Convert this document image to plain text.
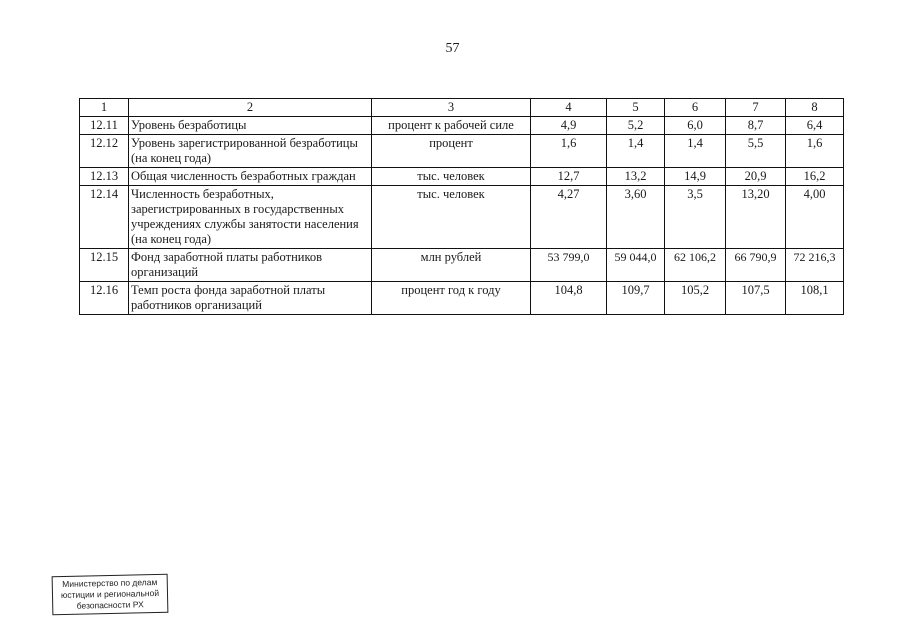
57
1	2	3	4	5	6	7	8
12.11	Уровень безработицы	процент к рабочей силе	4,9	5,2	6,0	8,7	6,4
12.12	Уровень зарегистрированной безработицы (на конец года)	процент	1,6	1,4	1,4	5,5	1,6
12.13	Общая численность безработных граждан	тыс. человек	12,7	13,2	14,9	20,9	16,2
12.14	Численность безработных, зарегистрированных в государственных учреждениях службы занятости населения (на конец года)	тыс. человек	4,27	3,60	3,5	13,20	4,00
12.15	Фонд заработной платы работников организаций	млн рублей	53 799,0	59 044,0	62 106,2	66 790,9	72 216,3
12.16	Темп роста фонда заработной платы работников организаций	процент год к году	104,8	109,7	105,2	107,5	108,1
Министерство по делам юстиции и региональной безопасности РХ
